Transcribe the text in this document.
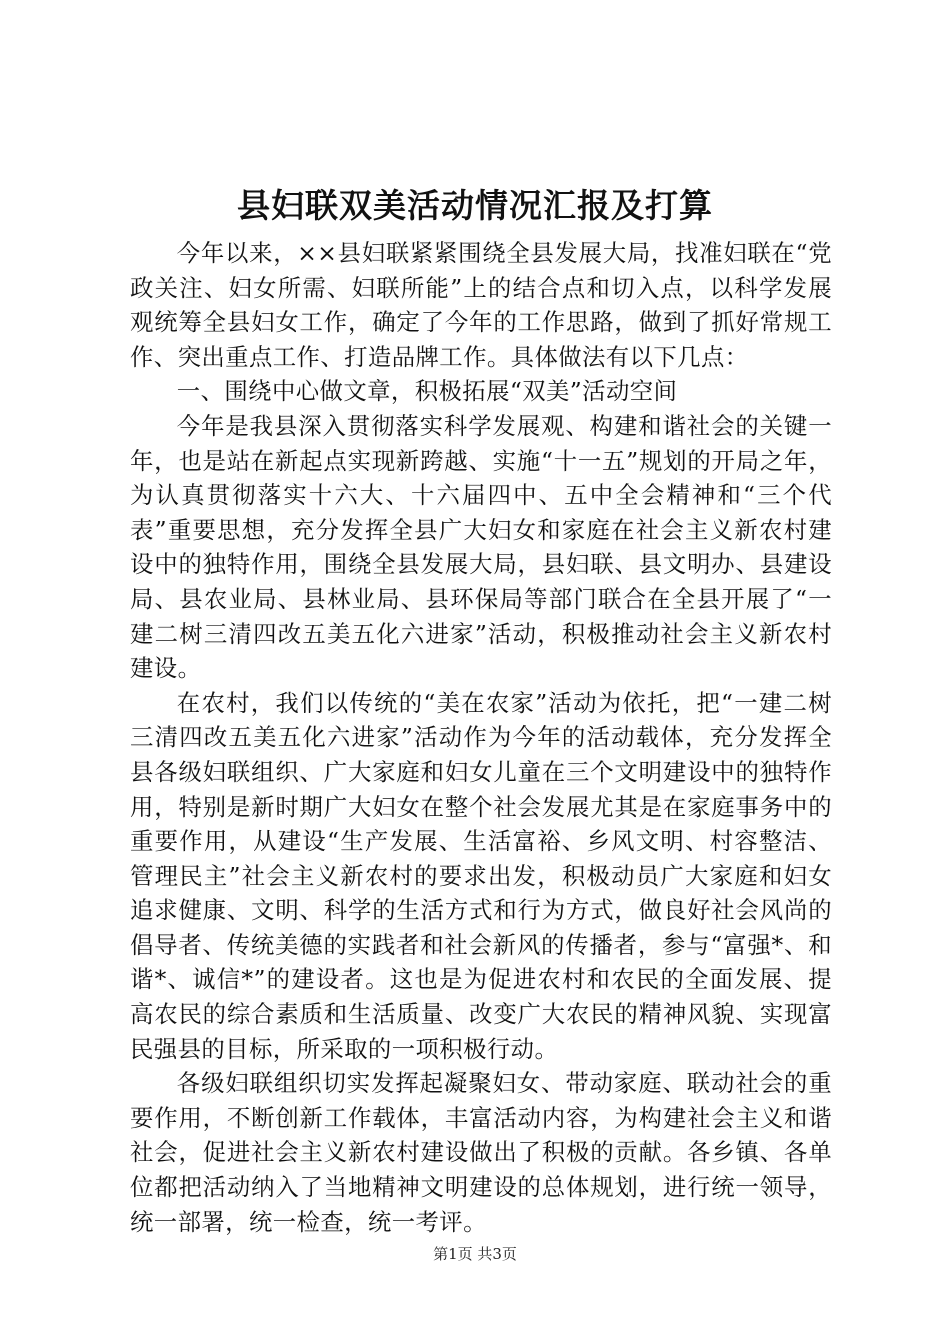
县妇联双美活动情况汇报及打算

今年以来，××县妇联紧紧围绕全县发展大局，找准妇联在“党政关注、妇女所需、妇联所能”上的结合点和切入点，以科学发展观统筹全县妇女工作，确定了今年的工作思路，做到了抓好常规工作、突出重点工作、打造品牌工作。具体做法有以下几点：

一、围绕中心做文章，积极拓展“双美”活动空间

今年是我县深入贯彻落实科学发展观、构建和谐社会的关键一年，也是站在新起点实现新跨越、实施“十一五”规划的开局之年，为认真贯彻落实十六大、十六届四中、五中全会精神和“三个代表”重要思想，充分发挥全县广大妇女和家庭在社会主义新农村建设中的独特作用，围绕全县发展大局，县妇联、县文明办、县建设局、县农业局、县林业局、县环保局等部门联合在全县开展了“一建二树三清四改五美五化六进家”活动，积极推动社会主义新农村建设。

在农村，我们以传统的“美在农家”活动为依托，把“一建二树三清四改五美五化六进家”活动作为今年的活动载体，充分发挥全县各级妇联组织、广大家庭和妇女儿童在三个文明建设中的独特作用，特别是新时期广大妇女在整个社会发展尤其是在家庭事务中的重要作用，从建设“生产发展、生活富裕、乡风文明、村容整洁、管理民主”社会主义新农村的要求出发，积极动员广大家庭和妇女追求健康、文明、科学的生活方式和行为方式，做良好社会风尚的倡导者、传统美德的实践者和社会新风的传播者，参与“富强*、和谐*、诚信*”的建设者。这也是为促进农村和农民的全面发展、提高农民的综合素质和生活质量、改变广大农民的精神风貌、实现富民强县的目标，所采取的一项积极行动。

各级妇联组织切实发挥起凝聚妇女、带动家庭、联动社会的重要作用，不断创新工作载体，丰富活动内容，为构建社会主义和谐社会，促进社会主义新农村建设做出了积极的贡献。各乡镇、各单位都把活动纳入了当地精神文明建设的总体规划，进行统一领导，统一部署，统一检查，统一考评。

第1页 共3页
